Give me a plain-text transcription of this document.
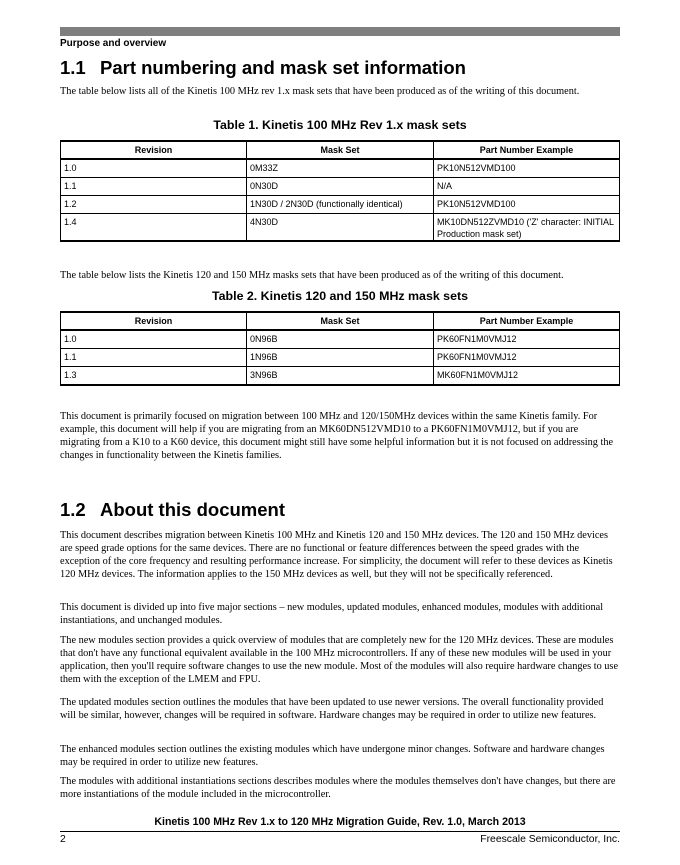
Purpose and overview
1.1 Part numbering and mask set information

The table below lists all of the Kinetis 100 MHz rev 1.x mask sets that have been produced as of the writing of this document.

Table 1. Kinetis 100 MHz Rev 1.x mask sets
Revision	Mask Set	Part Number Example
1.0	0M33Z	PK10N512VMD100
1.1	0N30D	N/A
1.2	1N30D / 2N30D (functionally identical)	PK10N512VMD100
1.4	4N30D	MK10DN512ZVMD10 ('Z' character: INITIAL Production mask set)

The table below lists the Kinetis 120 and 150 MHz masks sets that have been produced as of the writing of this document.

Table 2. Kinetis 120 and 150 MHz mask sets
Revision	Mask Set	Part Number Example
1.0	0N96B	PK60FN1M0VMJ12
1.1	1N96B	PK60FN1M0VMJ12
1.3	3N96B	MK60FN1M0VMJ12

This document is primarily focused on migration between 100 MHz and 120/150MHz devices within the same Kinetis family. For example, this document will help if you are migrating from an MK60DN512VMD10 to a PK60FN1M0VMJ12, but if you are migrating from a K10 to a K60 device, this document might still have some helpful information but it is not focused on addressing the changes in functionality between the Kinetis families.

1.2 About this document

This document describes migration between Kinetis 100 MHz and Kinetis 120 and 150 MHz devices. The 120 and 150 MHz devices are speed grade options for the same devices. There are no functional or feature differences between the speed grades with the exception of the core frequency and resulting performance increase. For simplicity, the document will refer to these devices as Kinetis 120 MHz devices. The information applies to the 150 MHz devices as well, but they will not be specifically referenced.

This document is divided up into five major sections – new modules, updated modules, enhanced modules, modules with additional instantiations, and unchanged modules.

The new modules section provides a quick overview of modules that are completely new for the 120 MHz devices. These are modules that don't have any functional equivalent available in the 100 MHz microcontrollers. If any of these new modules will be used in your application, then you'll require software changes to use the new module. Most of the modules will also require hardware changes to use them with the exception of the LMEM and FPU.

The updated modules section outlines the modules that have been updated to use newer versions. The overall functionality provided will be similar, however, changes will be required in software. Hardware changes may be required in order to utilize new features.

The enhanced modules section outlines the existing modules which have undergone minor changes. Software and hardware changes may be required in order to utilize new features.

The modules with additional instantiations sections describes modules where the modules themselves don't have changes, but there are more instantiations of the module included in the microcontroller.

Kinetis 100 MHz Rev 1.x to 120 MHz Migration Guide, Rev. 1.0, March 2013
2	Freescale Semiconductor, Inc.
